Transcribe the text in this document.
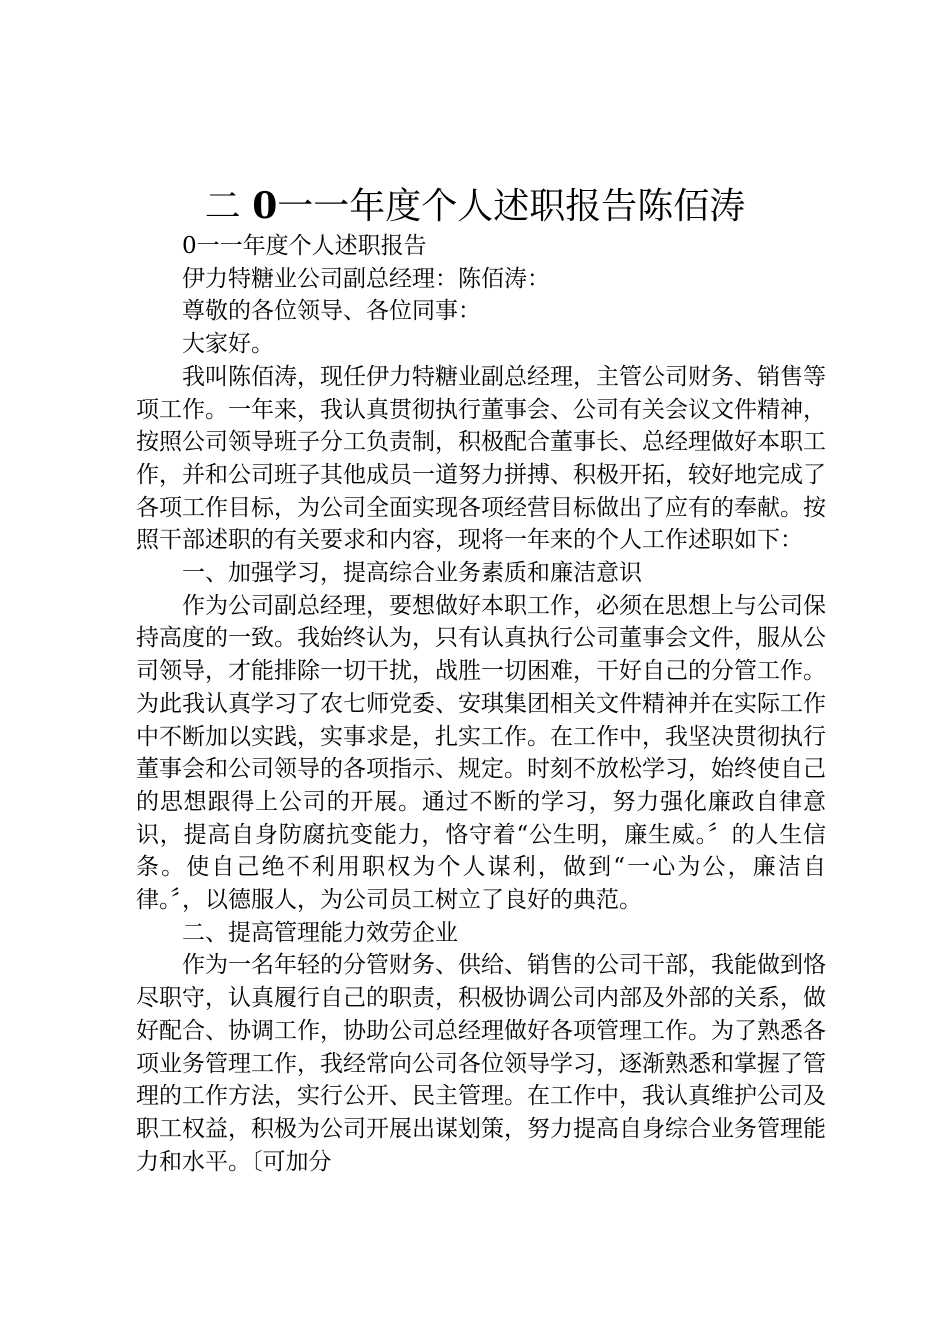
二 0一一年度个人述职报告陈佰涛

0一一年度个人述职报告

伊力特糖业公司副总经理：陈佰涛：

尊敬的各位领导、各位同事：

大家好。

我叫陈佰涛，现任伊力特糖业副总经理，主管公司财务、销售等项工作。一年来，我认真贯彻执行董事会、公司有关会议文件精神，按照公司领导班子分工负责制，积极配合董事长、总经理做好本职工作，并和公司班子其他成员一道努力拼搏、积极开拓，较好地完成了各项工作目标，为公司全面实现各项经营目标做出了应有的奉献。按照干部述职的有关要求和内容，现将一年来的个人工作述职如下：

一、加强学习，提高综合业务素质和廉洁意识

作为公司副总经理，要想做好本职工作，必须在思想上与公司保持高度的一致。我始终认为，只有认真执行公司董事会文件，服从公司领导，才能排除一切干扰，战胜一切困难，干好自己的分管工作。为此我认真学习了农七师党委、安琪集团相关文件精神并在实际工作中不断加以实践，实事求是，扎实工作。在工作中，我坚决贯彻执行董事会和公司领导的各项指示、规定。时刻不放松学习，始终使自己的思想跟得上公司的开展。通过不断的学习，努力强化廉政自律意识，提高自身防腐抗变能力，恪守着“公生明，廉生威。〞的人生信条。使自己绝不利用职权为个人谋利，做到“一心为公，廉洁自律。〞，以德服人，为公司员工树立了良好的典范。

二、提高管理能力效劳企业

作为一名年轻的分管财务、供给、销售的公司干部，我能做到恪尽职守，认真履行自己的职责，积极协调公司内部及外部的关系，做好配合、协调工作，协助公司总经理做好各项管理工作。为了熟悉各项业务管理工作，我经常向公司各位领导学习，逐渐熟悉和掌握了管理的工作方法，实行公开、民主管理。在工作中，我认真维护公司及职工权益，积极为公司开展出谋划策，努力提高自身综合业务管理能力和水平。〔可加分
